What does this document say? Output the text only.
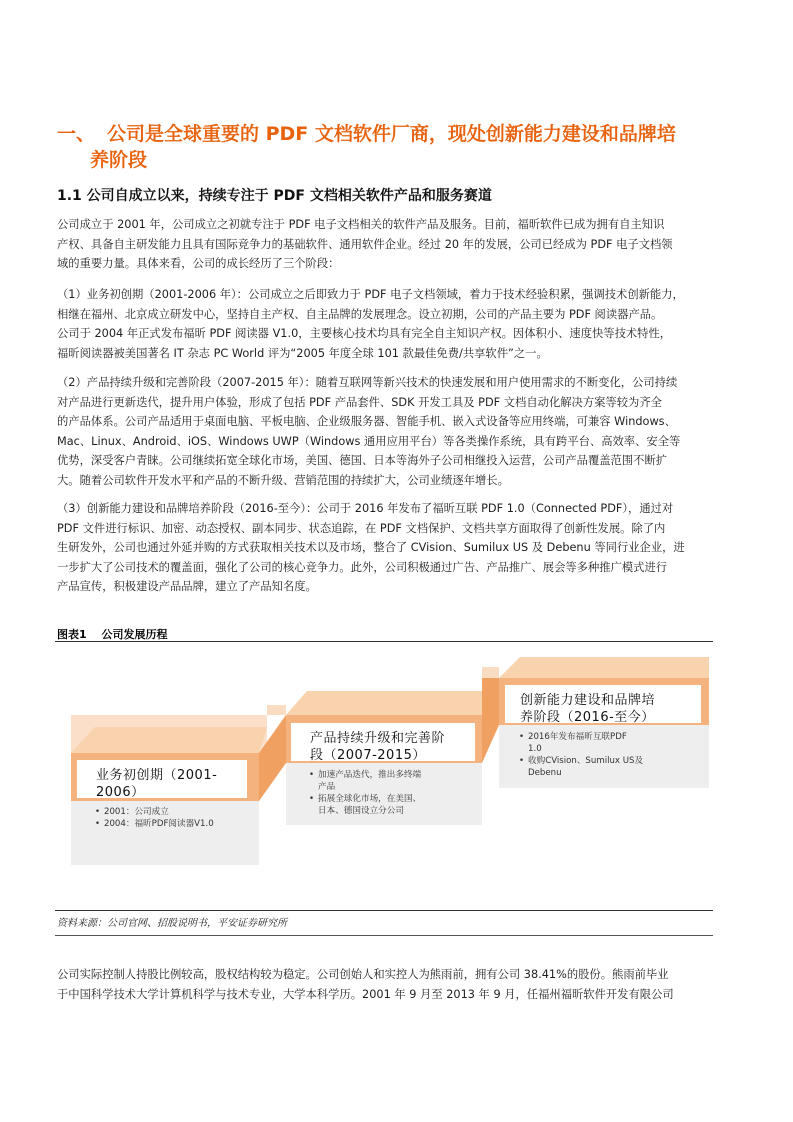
一、 公司是全球重要的 PDF 文档软件厂商，现处创新能力建设和品牌培
养阶段
1.1 公司自成立以来，持续专注于 PDF 文档相关软件产品和服务赛道
公司成立于 2001 年，公司成立之初就专注于 PDF 电子文档相关的软件产品及服务。目前，福昕软件已成为拥有自主知识
产权、具备自主研发能力且具有国际竞争力的基础软件、通用软件企业。经过 20 年的发展，公司已经成为 PDF 电子文档领
域的重要力量。具体来看，公司的成长经历了三个阶段：
（1）业务初创期（2001-2006 年）：公司成立之后即致力于 PDF 电子文档领域，着力于技术经验积累，强调技术创新能力，
相继在福州、北京成立研发中心，坚持自主产权、自主品牌的发展理念。设立初期，公司的产品主要为 PDF 阅读器产品。
公司于 2004 年正式发布福昕 PDF 阅读器 V1.0，主要核心技术均具有完全自主知识产权。因体积小、速度快等技术特性，
福昕阅读器被美国著名 IT 杂志 PC World 评为“2005 年度全球 101 款最佳免费/共享软件”之一。
（2）产品持续升级和完善阶段（2007-2015 年）：随着互联网等新兴技术的快速发展和用户使用需求的不断变化，公司持续
对产品进行更新迭代，提升用户体验，形成了包括 PDF 产品套件、SDK 开发工具及 PDF 文档自动化解决方案等较为齐全
的产品体系。公司产品适用于桌面电脑、平板电脑、企业级服务器、智能手机、嵌入式设备等应用终端，可兼容 Windows、
Mac、Linux、Android、iOS、Windows UWP（Windows 通用应用平台）等各类操作系统，具有跨平台、高效率、安全等
优势，深受客户青睐。公司继续拓宽全球化市场，美国、德国、日本等海外子公司相继投入运营，公司产品覆盖范围不断扩
大。随着公司软件开发水平和产品的不断升级、营销范围的持续扩大，公司业绩逐年增长。
（3）创新能力建设和品牌培养阶段（2016-至今）：公司于 2016 年发布了福昕互联 PDF 1.0（Connected PDF），通过对
PDF 文件进行标识、加密、动态授权、副本同步、状态追踪，在 PDF 文档保护、文档共享方面取得了创新性发展。除了内
生研发外，公司也通过外延并购的方式获取相关技术以及市场，整合了 CVision、Sumilux US 及 Debenu 等同行业企业，进
一步扩大了公司技术的覆盖面，强化了公司的核心竞争力。此外，公司积极通过广告、产品推广、展会等多种推广模式进行
产品宣传，积极建设产品品牌，建立了产品知名度。
图表1　 公司发展历程
业务初创期（2001-
2006）
• 2001：公司成立
• 2004：福昕PDF阅读器V1.0
产品持续升级和完善阶
段（2007-2015）
• 加速产品迭代，推出多终端
产品
• 拓展全球化市场，在美国、
日本、德国设立分公司
创新能力建设和品牌培
养阶段（2016-至今）
• 2016年发布福昕互联PDF
1.0
• 收购CVision、Sumilux US及
Debenu
资料来源：公司官网、招股说明书，平安证券研究所
公司实际控制人持股比例较高，股权结构较为稳定。公司创始人和实控人为熊雨前，拥有公司 38.41%的股份。熊雨前毕业
于中国科学技术大学计算机科学与技术专业，大学本科学历。2001 年 9 月至 2013 年 9 月，任福州福昕软件开发有限公司
